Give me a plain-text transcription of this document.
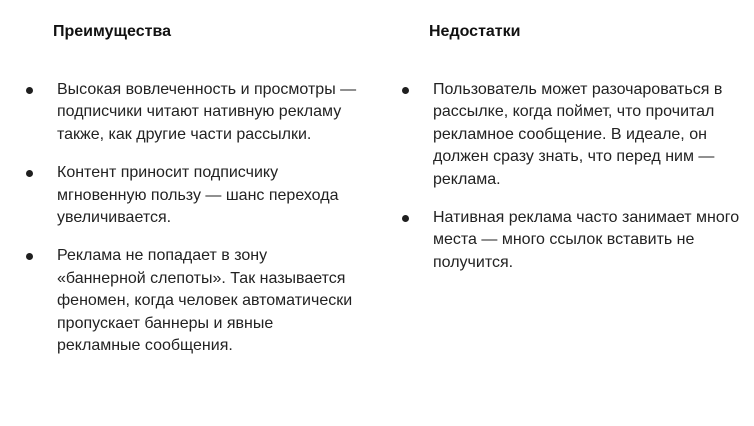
Преимущества
Высокая вовлеченность и просмотры — подписчики читают нативную рекламу также, как другие части рассылки.
Контент приносит подписчику мгновенную пользу — шанс перехода увеличивается.
Реклама не попадает в зону «баннерной слепоты». Так называется феномен, когда человек автоматически пропускает баннеры и явные рекламные сообщения.
Недостатки
Пользователь может разочароваться в рассылке, когда поймет, что прочитал рекламное сообщение. В идеале, он должен сразу знать, что перед ним — реклама.
Нативная реклама часто занимает много места — много ссылок вставить не получится.
